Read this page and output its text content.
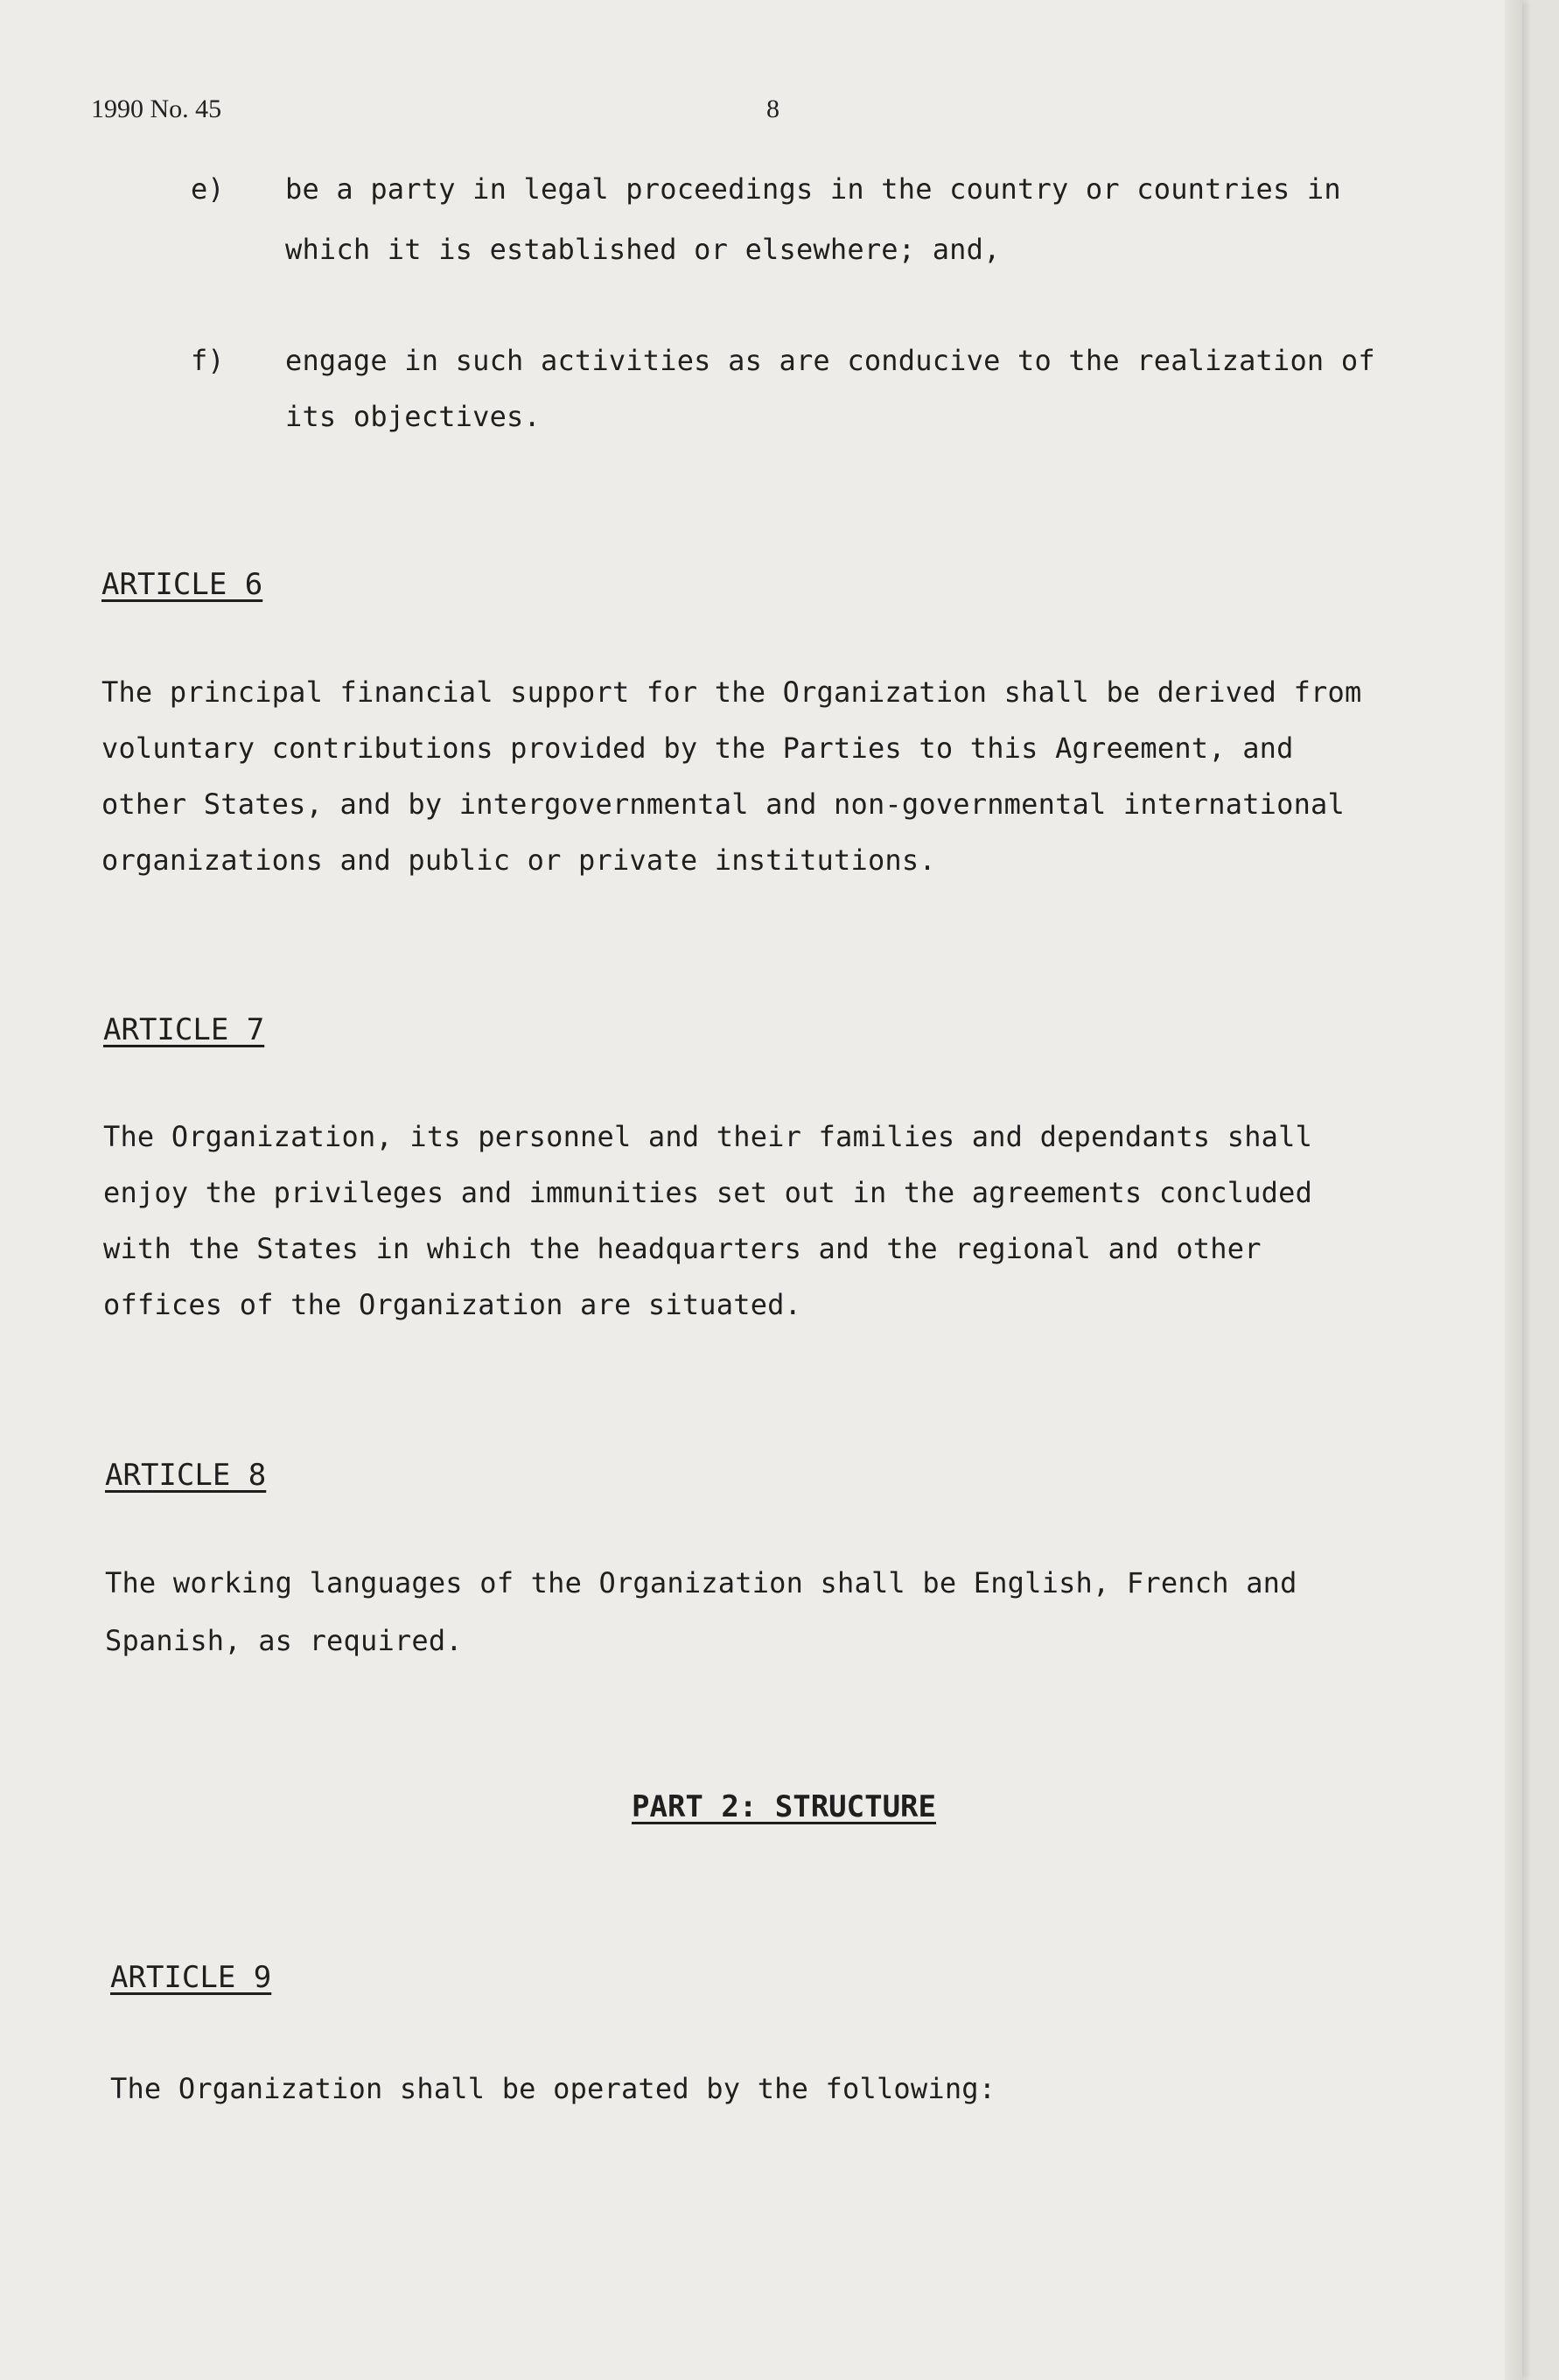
1990 No. 45	8
e) be a party in legal proceedings in the country or countries in
which it is established or elsewhere; and,
f) engage in such activities as are conducive to the realization of
its objectives.
ARTICLE 6
The principal financial support for the Organization shall be derived from
voluntary contributions provided by the Parties to this Agreement, and
other States, and by intergovernmental and non-governmental international
organizations and public or private institutions.
ARTICLE 7
The Organization, its personnel and their families and dependants shall
enjoy the privileges and immunities set out in the agreements concluded
with the States in which the headquarters and the regional and other
offices of the Organization are situated.
ARTICLE 8
The working languages of the Organization shall be English, French and
Spanish, as required.
PART 2: STRUCTURE
ARTICLE 9
The Organization shall be operated by the following:
